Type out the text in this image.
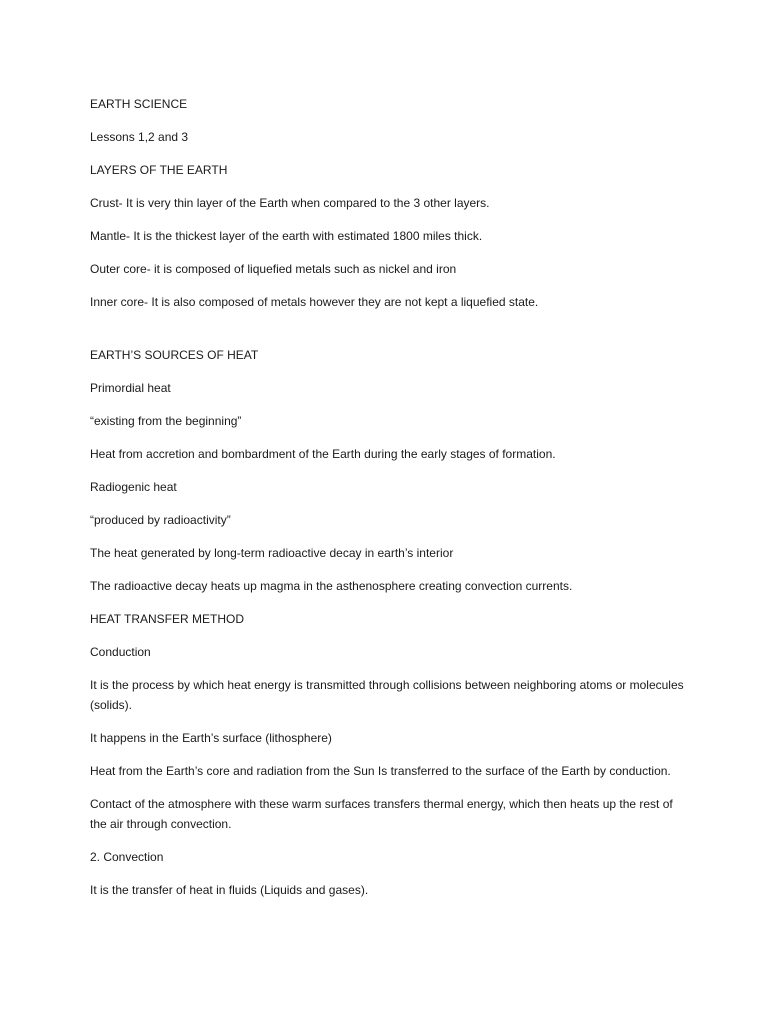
EARTH SCIENCE

Lessons 1,2 and 3

LAYERS OF THE EARTH

Crust- It is very thin layer of the Earth when compared to the 3 other layers.

Mantle- It is the thickest layer of the earth with estimated 1800 miles thick.

Outer core- it is composed of liquefied metals such as nickel and iron

Inner core- It is also composed of metals however they are not kept a liquefied state.

EARTH’S SOURCES OF HEAT

Primordial heat

“existing from the beginning”

Heat from accretion and bombardment of the Earth during the early stages of formation.

Radiogenic heat

“produced by radioactivity”

The heat generated by long-term radioactive decay in earth’s interior

The radioactive decay heats up magma in the asthenosphere creating convection currents.

HEAT TRANSFER METHOD

Conduction

It is the process by which heat energy is transmitted through collisions between neighboring atoms or molecules (solids).

It happens in the Earth’s surface (lithosphere)

Heat from the Earth’s core and radiation from the Sun Is transferred to the surface of the Earth by conduction.

Contact of the atmosphere with these warm surfaces transfers thermal energy, which then heats up the rest of the air through convection.

2. Convection

It is the transfer of heat in fluids (Liquids and gases).
